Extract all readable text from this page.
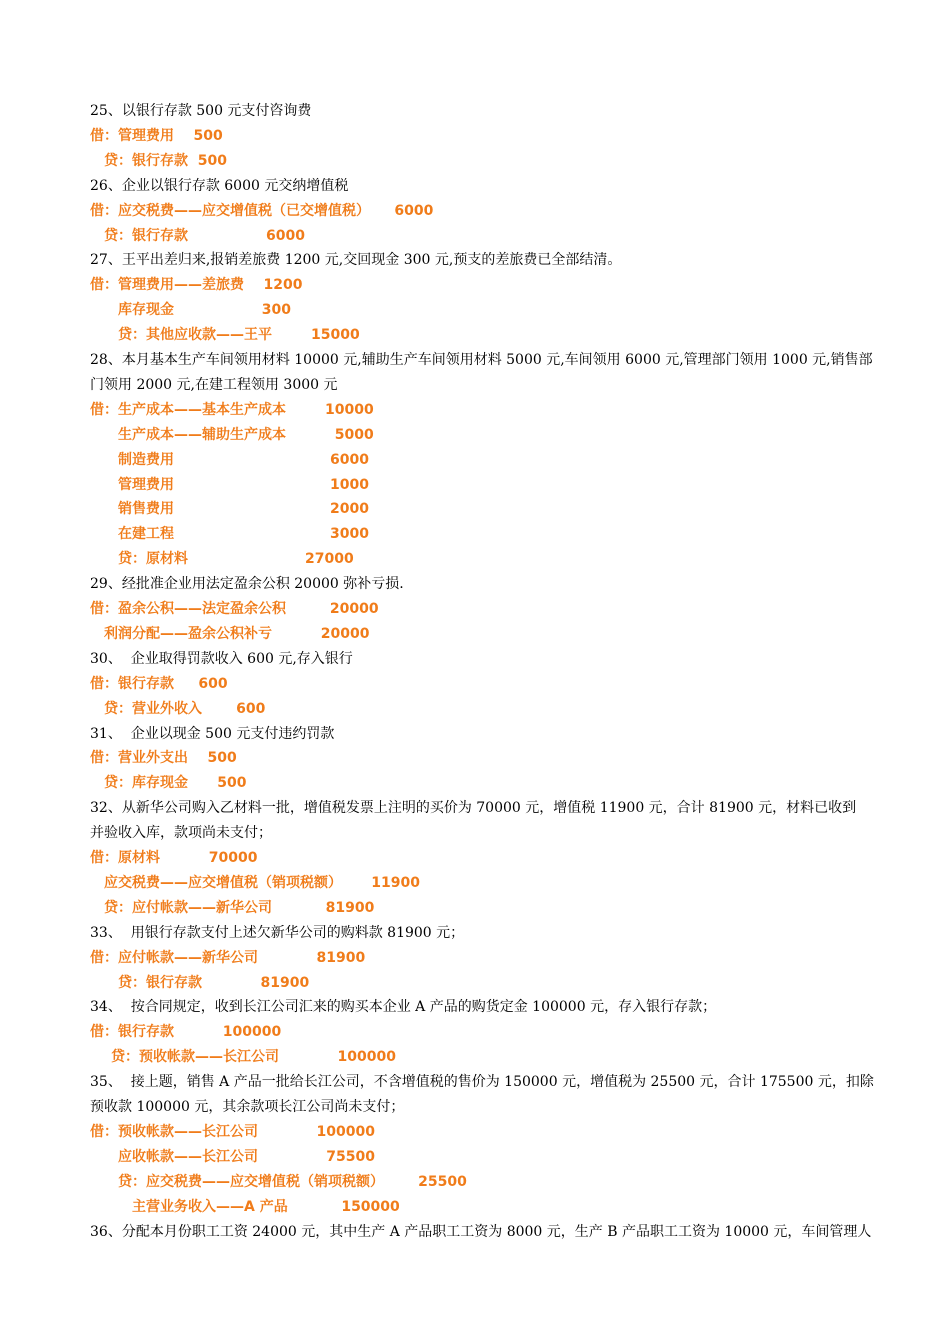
25、以银行存款 500 元支付咨询费
借：管理费用    500
贷：银行存款  500
26、企业以银行存款 6000 元交纳增值税
借：应交税费——应交增值税（已交增值税）     6000
贷：银行存款                6000
27、王平出差归来,报销差旅费 1200 元,交回现金 300 元,预支的差旅费已全部结清。
借：管理费用——差旅费    1200
库存现金                  300
贷：其他应收款——王平        15000
28、本月基本生产车间领用材料 10000 元,辅助生产车间领用材料 5000 元,车间领用 6000 元,管理部门领用 1000 元,销售部
门领用 2000 元,在建工程领用 3000 元
借：生产成本——基本生产成本        10000
生产成本——辅助生产成本          5000
制造费用                                6000
管理费用                                1000
销售费用                                2000
在建工程                                3000
贷：原材料                        27000
29、经批准企业用法定盈余公积 20000 弥补亏损.
借：盈余公积——法定盈余公积         20000
利润分配——盈余公积补亏          20000
30、  企业取得罚款收入 600 元,存入银行
借：银行存款     600
贷：营业外收入       600
31、  企业以现金 500 元支付违约罚款
借：营业外支出    500
贷：库存现金      500
32、从新华公司购入乙材料一批，增值税发票上注明的买价为 70000 元，增值税 11900 元，合计 81900 元，材料已收到
并验收入库，款项尚未支付；
借：原材料          70000
应交税费——应交增值税（销项税额）      11900
贷：应付帐款——新华公司           81900
33、  用银行存款支付上述欠新华公司的购料款 81900 元；
借：应付帐款——新华公司            81900
贷：银行存款            81900
34、  按合同规定，收到长江公司汇来的购买本企业 A 产品的购货定金 100000 元，存入银行存款；
借：银行存款          100000
贷：预收帐款——长江公司            100000
35、  接上题，销售 A 产品一批给长江公司，不含增值税的售价为 150000 元，增值税为 25500 元，合计 175500 元，扣除
预收款 100000 元，其余款项长江公司尚未支付；
借：预收帐款——长江公司            100000
应收帐款——长江公司              75500
贷：应交税费——应交增值税（销项税额）       25500
主营业务收入——A 产品           150000
36、分配本月份职工工资 24000 元，其中生产 A 产品职工工资为 8000 元，生产 B 产品职工工资为 10000 元，车间管理人
